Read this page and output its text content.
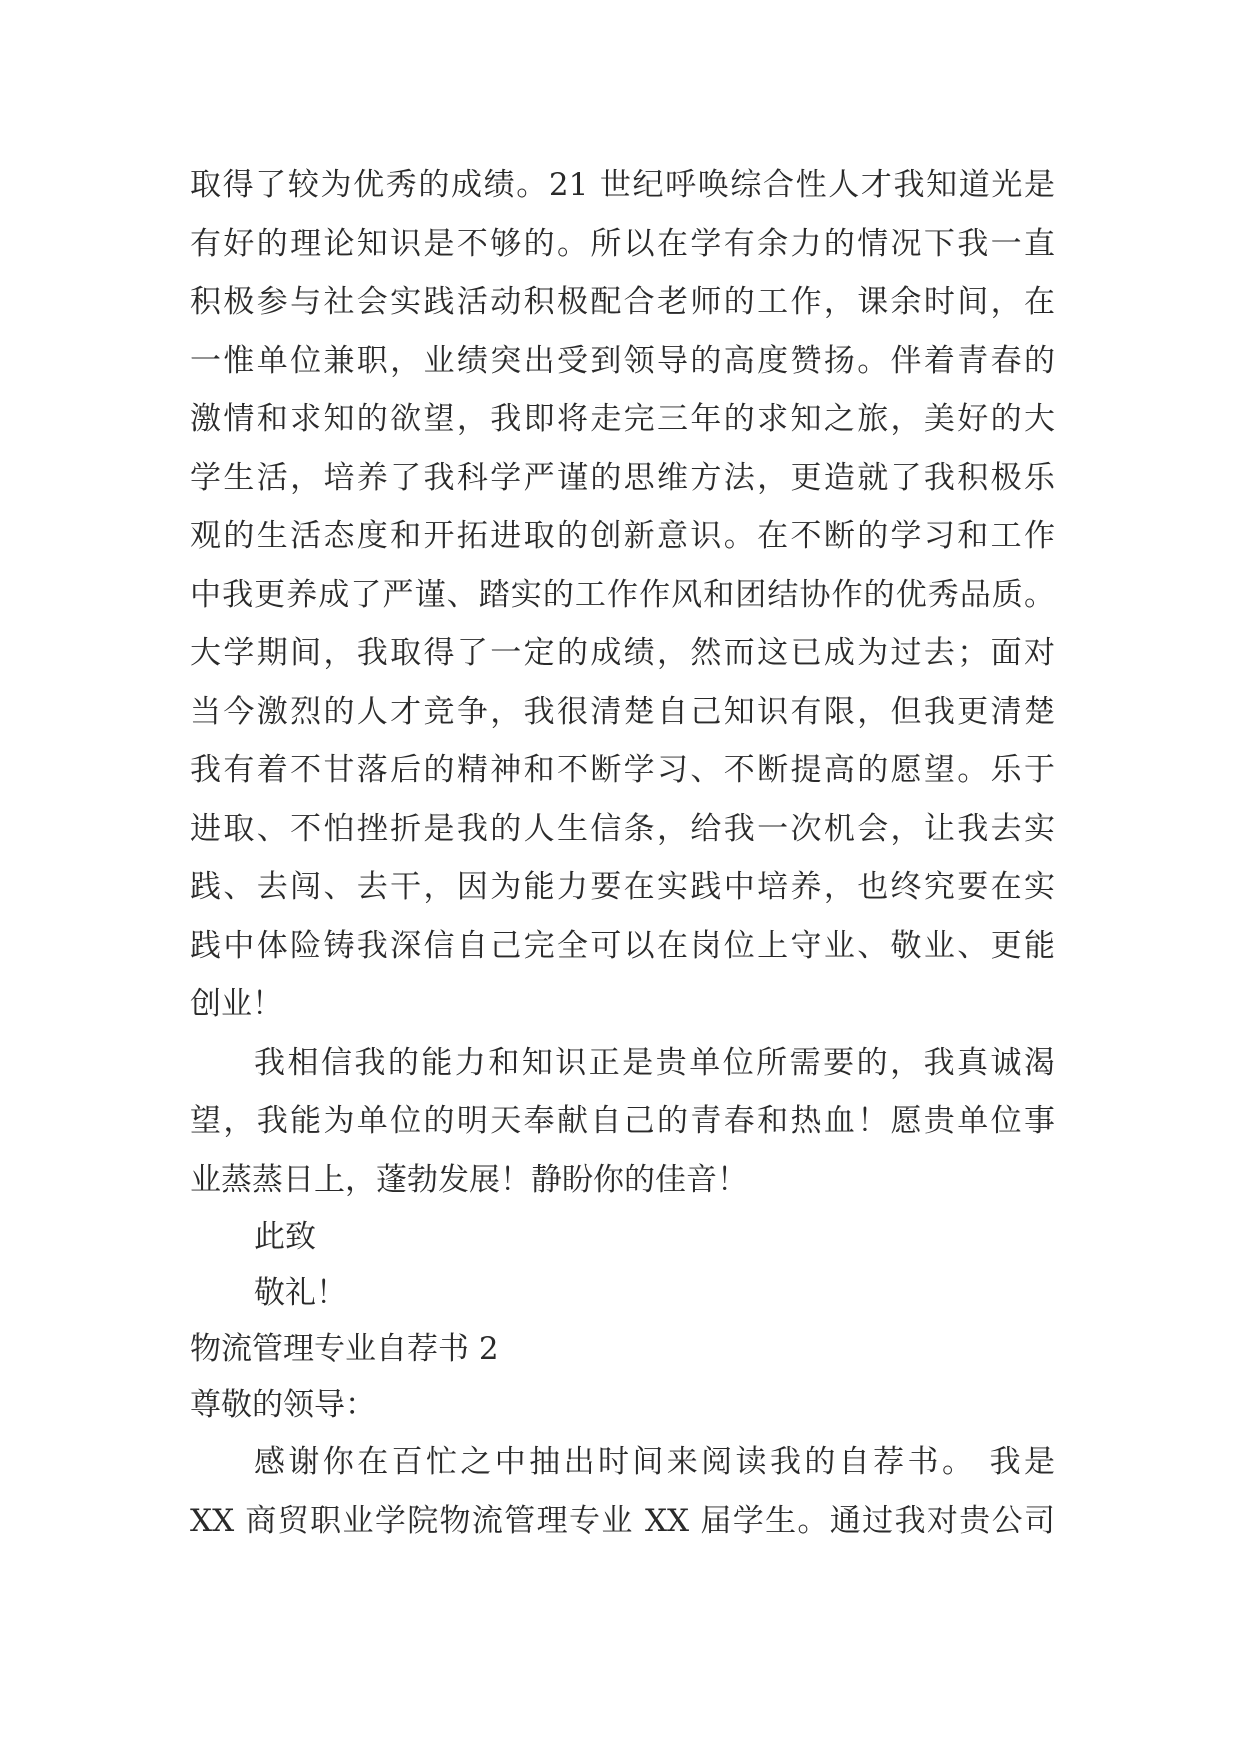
取得了较为优秀的成绩。21 世纪呼唤综合性人才我知道光是
有好的理论知识是不够的。所以在学有余力的情况下我一直
积极参与社会实践活动积极配合老师的工作，课余时间，在
一惟单位兼职，业绩突出受到领导的高度赞扬。伴着青春的
激情和求知的欲望，我即将走完三年的求知之旅，美好的大
学生活，培养了我科学严谨的思维方法，更造就了我积极乐
观的生活态度和开拓进取的创新意识。在不断的学习和工作
中我更养成了严谨、踏实的工作作风和团结协作的优秀品质。
大学期间，我取得了一定的成绩，然而这已成为过去；面对
当今激烈的人才竞争，我很清楚自己知识有限，但我更清楚
我有着不甘落后的精神和不断学习、不断提高的愿望。乐于
进取、不怕挫折是我的人生信条，给我一次机会，让我去实
践、去闯、去干，因为能力要在实践中培养，也终究要在实
践中体险铸我深信自己完全可以在岗位上守业、敬业、更能
创业！
我相信我的能力和知识正是贵单位所需要的，我真诚渴
望，我能为单位的明天奉献自己的青春和热血！愿贵单位事
业蒸蒸日上，蓬勃发展！静盼你的佳音！
此致
敬礼！
物流管理专业自荐书 2
尊敬的领导：
感谢你在百忙之中抽出时间来阅读我的自荐书。 我是
XX 商贸职业学院物流管理专业 XX 届学生。通过我对贵公司
